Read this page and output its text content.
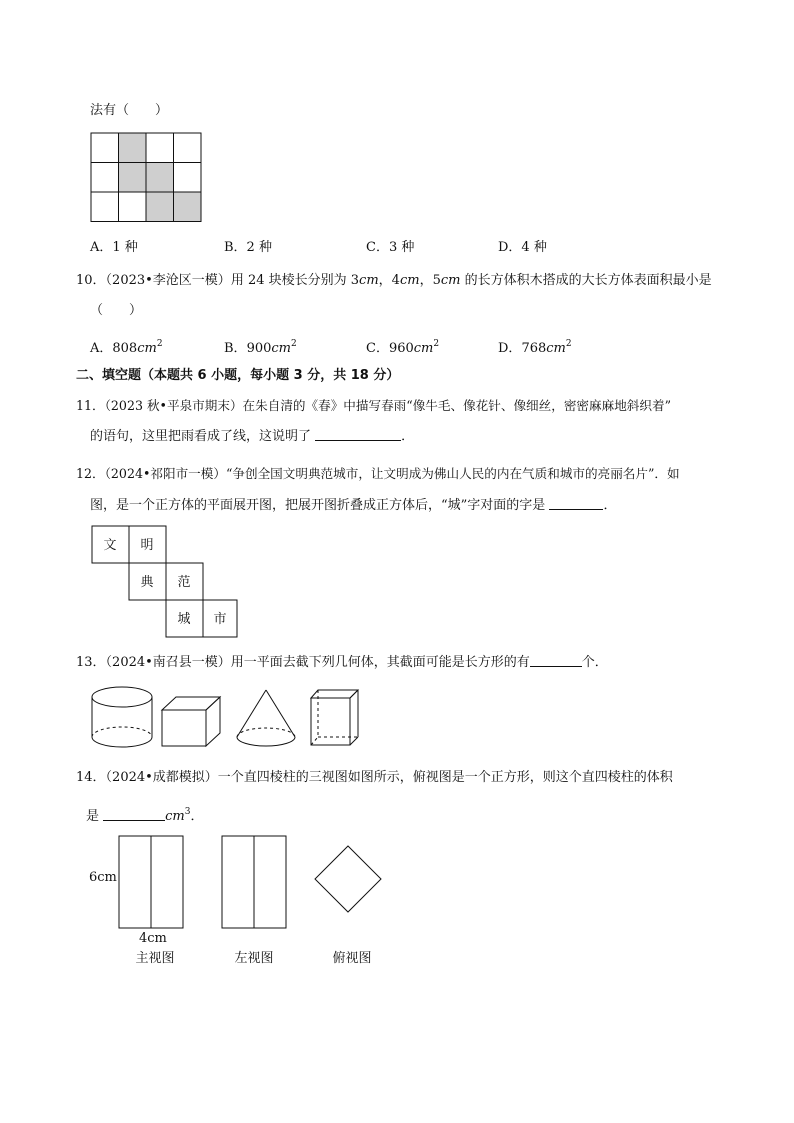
法有（　　）
A．1 种	B．2 种	C．3 种	D．4 种
10．（2023•李沧区一模）用 24 块棱长分别为 3cm，4cm，5cm 的长方体积木搭成的大长方体表面积最小是
（　　）
A．$808cm^2$	B．$900cm^2$	C．$960cm^2$	D．$768cm^2$
二、填空题（本题共 6 小题，每小题 3 分，共 18 分）
11．（2023 秋•平泉市期末）在朱自清的《春》中描写春雨“像牛毛、像花针、像细丝，密密麻麻地斜织着”
的语句，这里把雨看成了线，这说明了	．
12．（2024•祁阳市一模）“争创全国文明典范城市，让文明成为佛山人民的内在气质和城市的亮丽名片”．如
图，是一个正方体的平面展开图，把展开图折叠成正方体后，“城”字对面的字是	．
文 明
典 范
城 市
13．（2024•南召县一模）用一平面去截下列几何体，其截面可能是长方形的有	个．
14．（2024•成都模拟）一个直四棱柱的三视图如图所示，俯视图是一个正方形，则这个直四棱柱的体积
是	$cm^3$．
6cm
4cm
主视图	左视图	俯视图
